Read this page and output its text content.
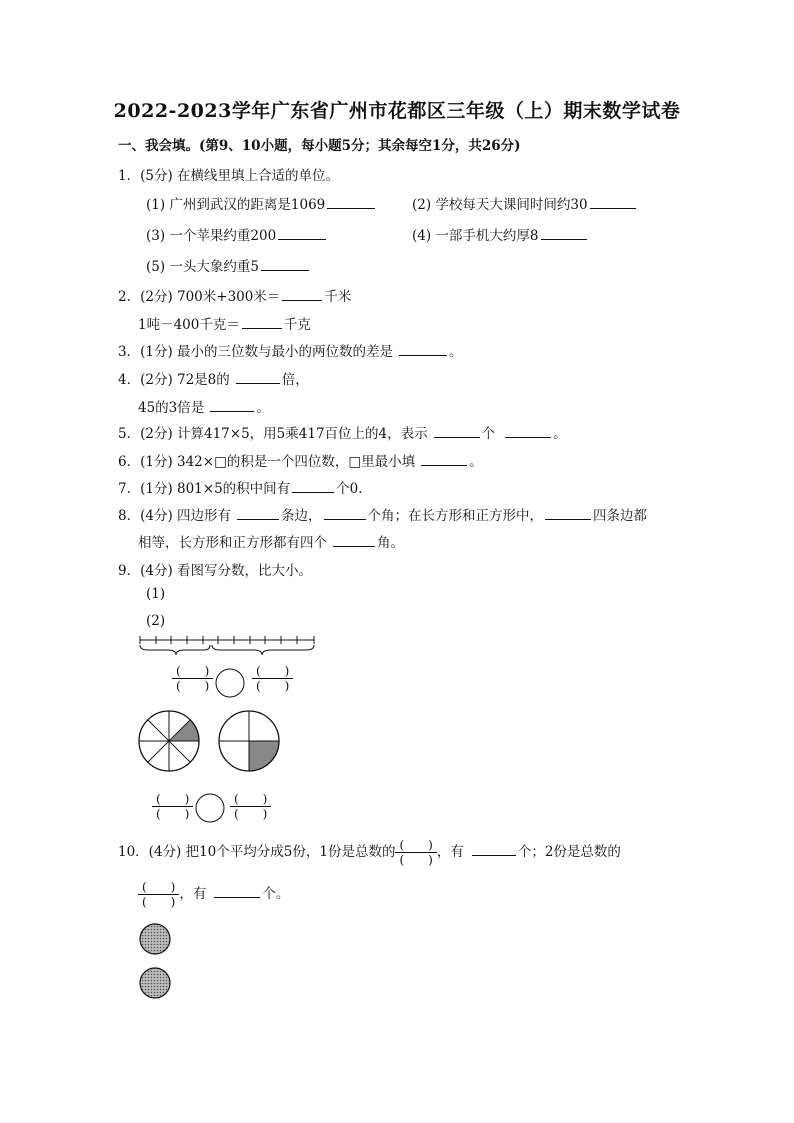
2022-2023学年广东省广州市花都区三年级（上）期末数学试卷
一、我会填。(第9、10小题，每小题5分；其余每空1分，共26分)
1．(5分) 在横线里填上合适的单位。
(1) 广州到武汉的距离是1069	(2) 学校每天大课间时间约30
(3) 一个苹果约重200	(4) 一部手机大约厚8
(5) 一头大象约重5
2．(2分) 700米+300米＝	千米
1吨－400千克＝	千克
3．(1分) 最小的三位数与最小的两位数的差是	。
4．(2分) 72是8的	倍，
45的3倍是	。
5．(2分) 计算417×5，用5乘417百位上的4，表示	个	。
6．(1分) 342×□的积是一个四位数，□里最小填	。
7．(1分) 801×5的积中间有	个0．
8．(4分) 四边形有	条边，	个角；在长方形和正方形中，	四条边都
相等，长方形和正方形都有四个	角。
9．(4分) 看图写分数，比大小。
(1)
(2)
$\frac{( )}{( )}$	$\frac{( )}{( )}$
$\frac{( )}{( )}$	$\frac{( )}{( )}$
10．(4分) 把10个平均分成5份，1份是总数的 $\frac{( )}{( )}$ ，有	个；2份是总数的
$\frac{( )}{( )}$ ，有	个。
